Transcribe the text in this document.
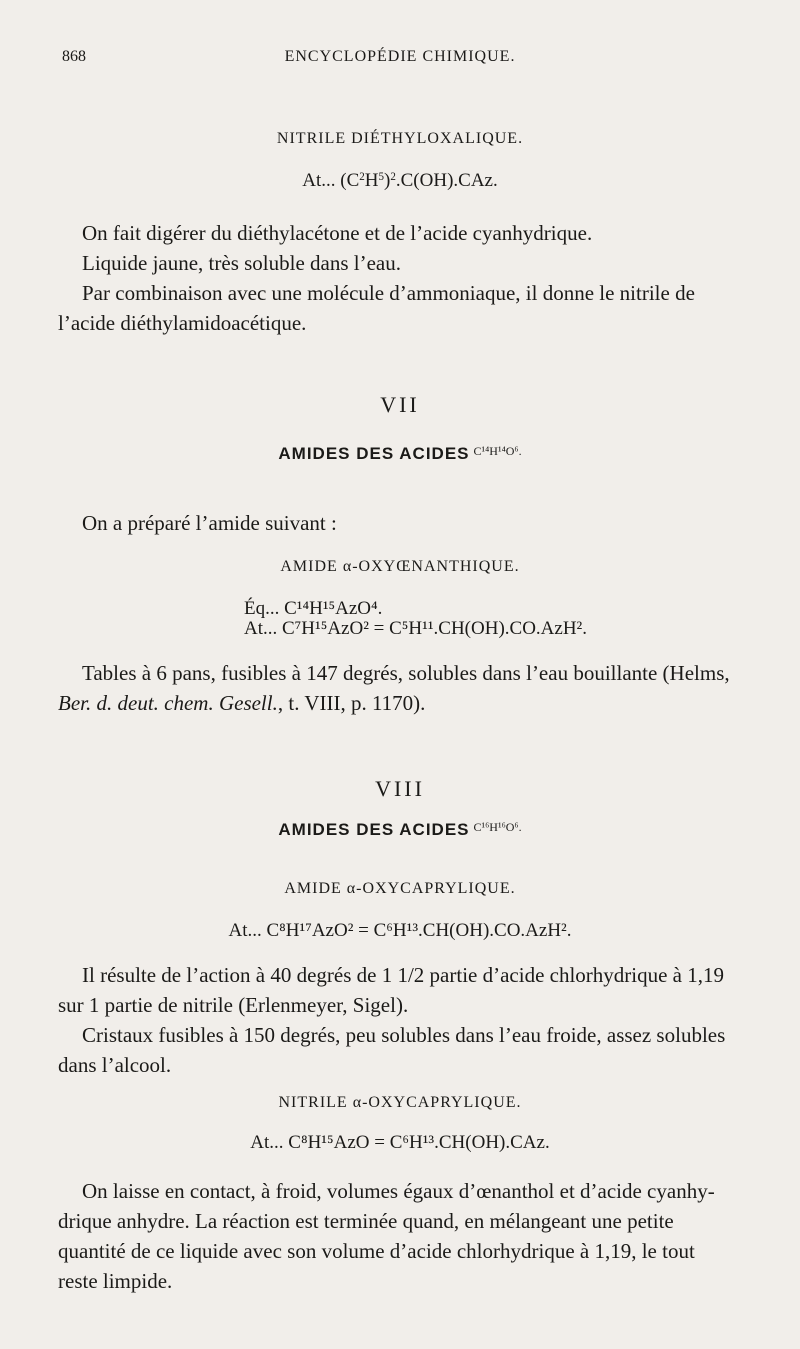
868	ENCYCLOPÉDIE CHIMIQUE.
NITRILE DIÉTHYLOXALIQUE.
At... $(C^2H^5)^2.C(OH).CAz$.
On fait digérer du diéthylacétone et de l’acide cyanhydrique.
Liquide jaune, très soluble dans l’eau.
Par combinaison avec une molécule d’ammoniaque, il donne le nitrile de
l’acide diéthylamidoacétique.
VII
AMIDES DES ACIDES $^{C^{14}H^{14}O^6.}$
On a préparé l’amide suivant :
AMIDE α-OXYŒNANTHIQUE.
Éq... C¹⁴H¹⁵AzO⁴.
At... C⁷H¹⁵AzO² = C⁵H¹¹.CH(OH).CO.AzH².
Tables à 6 pans, fusibles à 147 degrés, solubles dans l’eau bouillante (Helms,
Ber. d. deut. chem. Gesell., t. VIII, p. 1170).
VIII
AMIDES DES ACIDES $^{C^{16}H^{16}O^6.}$
AMIDE α-OXYCAPRYLIQUE.
At... C⁸H¹⁷AzO² = C⁶H¹³.CH(OH).CO.AzH².
Il résulte de l’action à 40 degrés de 1 1/2 partie d’acide chlorhydrique à 1,19
sur 1 partie de nitrile (Erlenmeyer, Sigel).
Cristaux fusibles à 150 degrés, peu solubles dans l’eau froide, assez solubles
dans l’alcool.
NITRILE α-OXYCAPRYLIQUE.
At... C⁸H¹⁵AzO = C⁶H¹³.CH(OH).CAz.
On laisse en contact, à froid, volumes égaux d’œnanthol et d’acide cyanhy-
drique anhydre. La réaction est terminée quand, en mélangeant une petite
quantité de ce liquide avec son volume d’acide chlorhydrique à 1,19, le tout
reste limpide.
